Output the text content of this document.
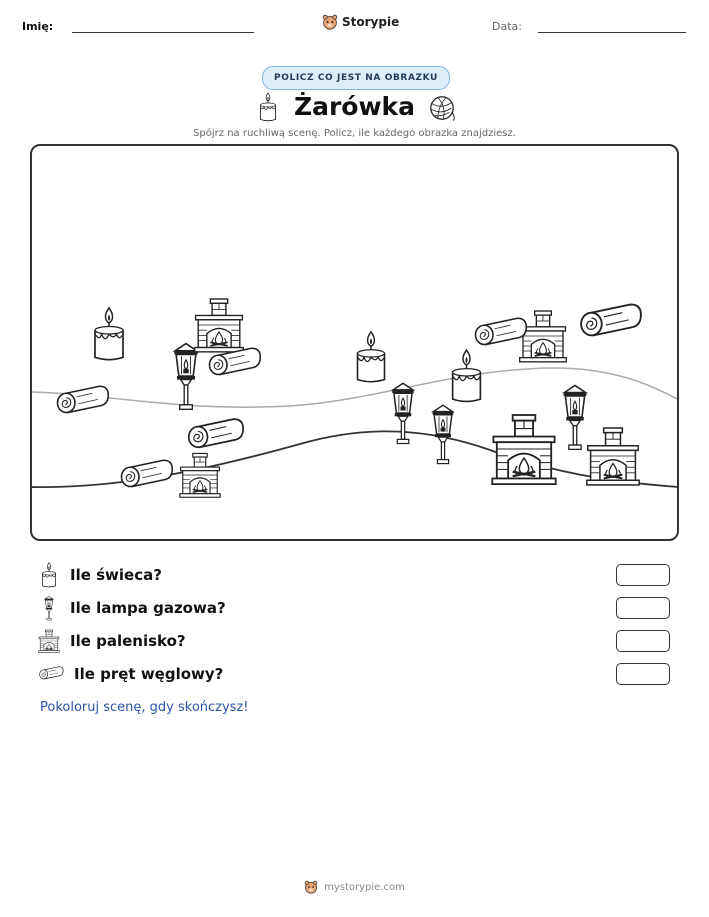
Imię:	Storypie	Data:
POLICZ CO JEST NA OBRAZKU
Żarówka
Spójrz na ruchliwą scenę. Policz, ile każdego obrazka znajdziesz.
Ile świeca?
Ile lampa gazowa?
Ile palenisko?
Ile pręt węglowy?
Pokoloruj scenę, gdy skończysz!
mystorypie.com
